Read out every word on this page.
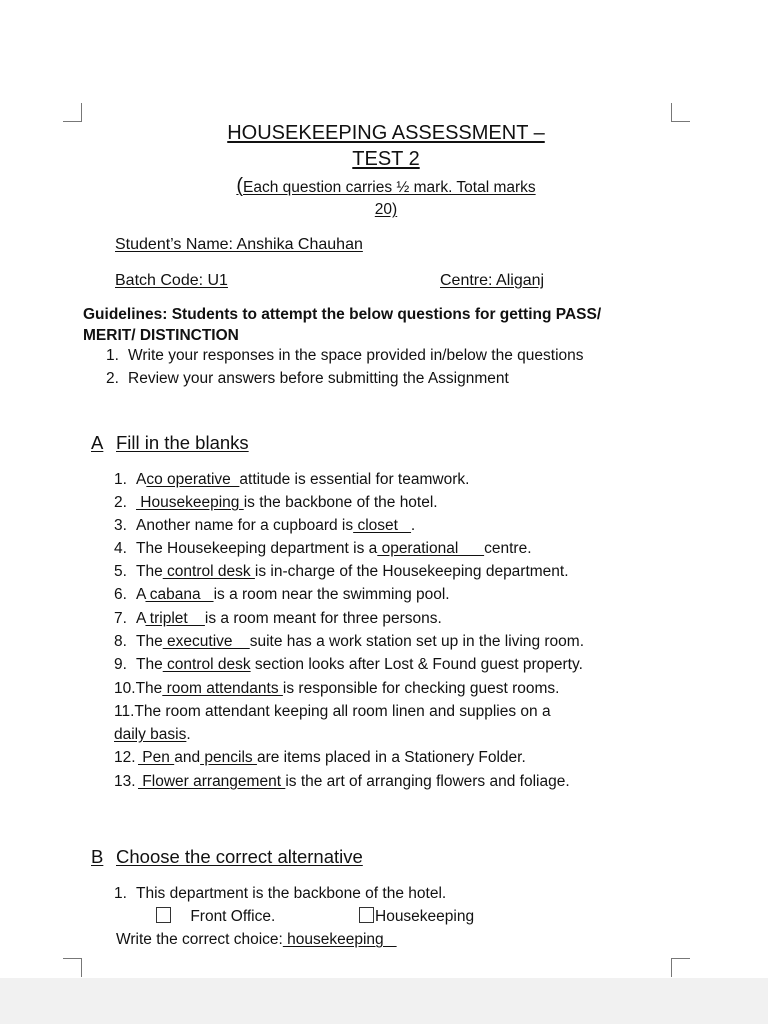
HOUSEKEEPING ASSESSMENT –
TEST 2
(Each question carries ½ mark. Total marks
20)
Student’s Name: Anshika Chauhan
Batch Code: U1	Centre: Aliganj
Guidelines: Students to attempt the below questions for getting PASS/
MERIT/ DISTINCTION
1. Write your responses in the space provided in/below the questions
2. Review your answers before submitting the Assignment
A Fill in the blanks
1. Aco operative  attitude is essential for teamwork.
2. Housekeeping is the backbone of the hotel.
3. Another name for a cupboard is closet _.
4. The Housekeeping department is a operational      centre.
5. The control desk is in-charge of the Housekeeping department.
6. A cabana   is a room near the swimming pool.
7. A triplet    is a room meant for three persons.
8. The executive    suite has a work station set up in the living room.
9. The control desk section looks after Lost & Found guest property.
10.The room attendants is responsible for checking guest rooms.
11.The room attendant keeping all room linen and supplies on a
daily basis.
12. Pen and pencils are items placed in a Stationery Folder.
13. Flower arrangement is the art of arranging flowers and foliage.
B Choose the correct alternative
1. This department is the backbone of the hotel.
Front Office.	Housekeeping
Write the correct choice: housekeeping
